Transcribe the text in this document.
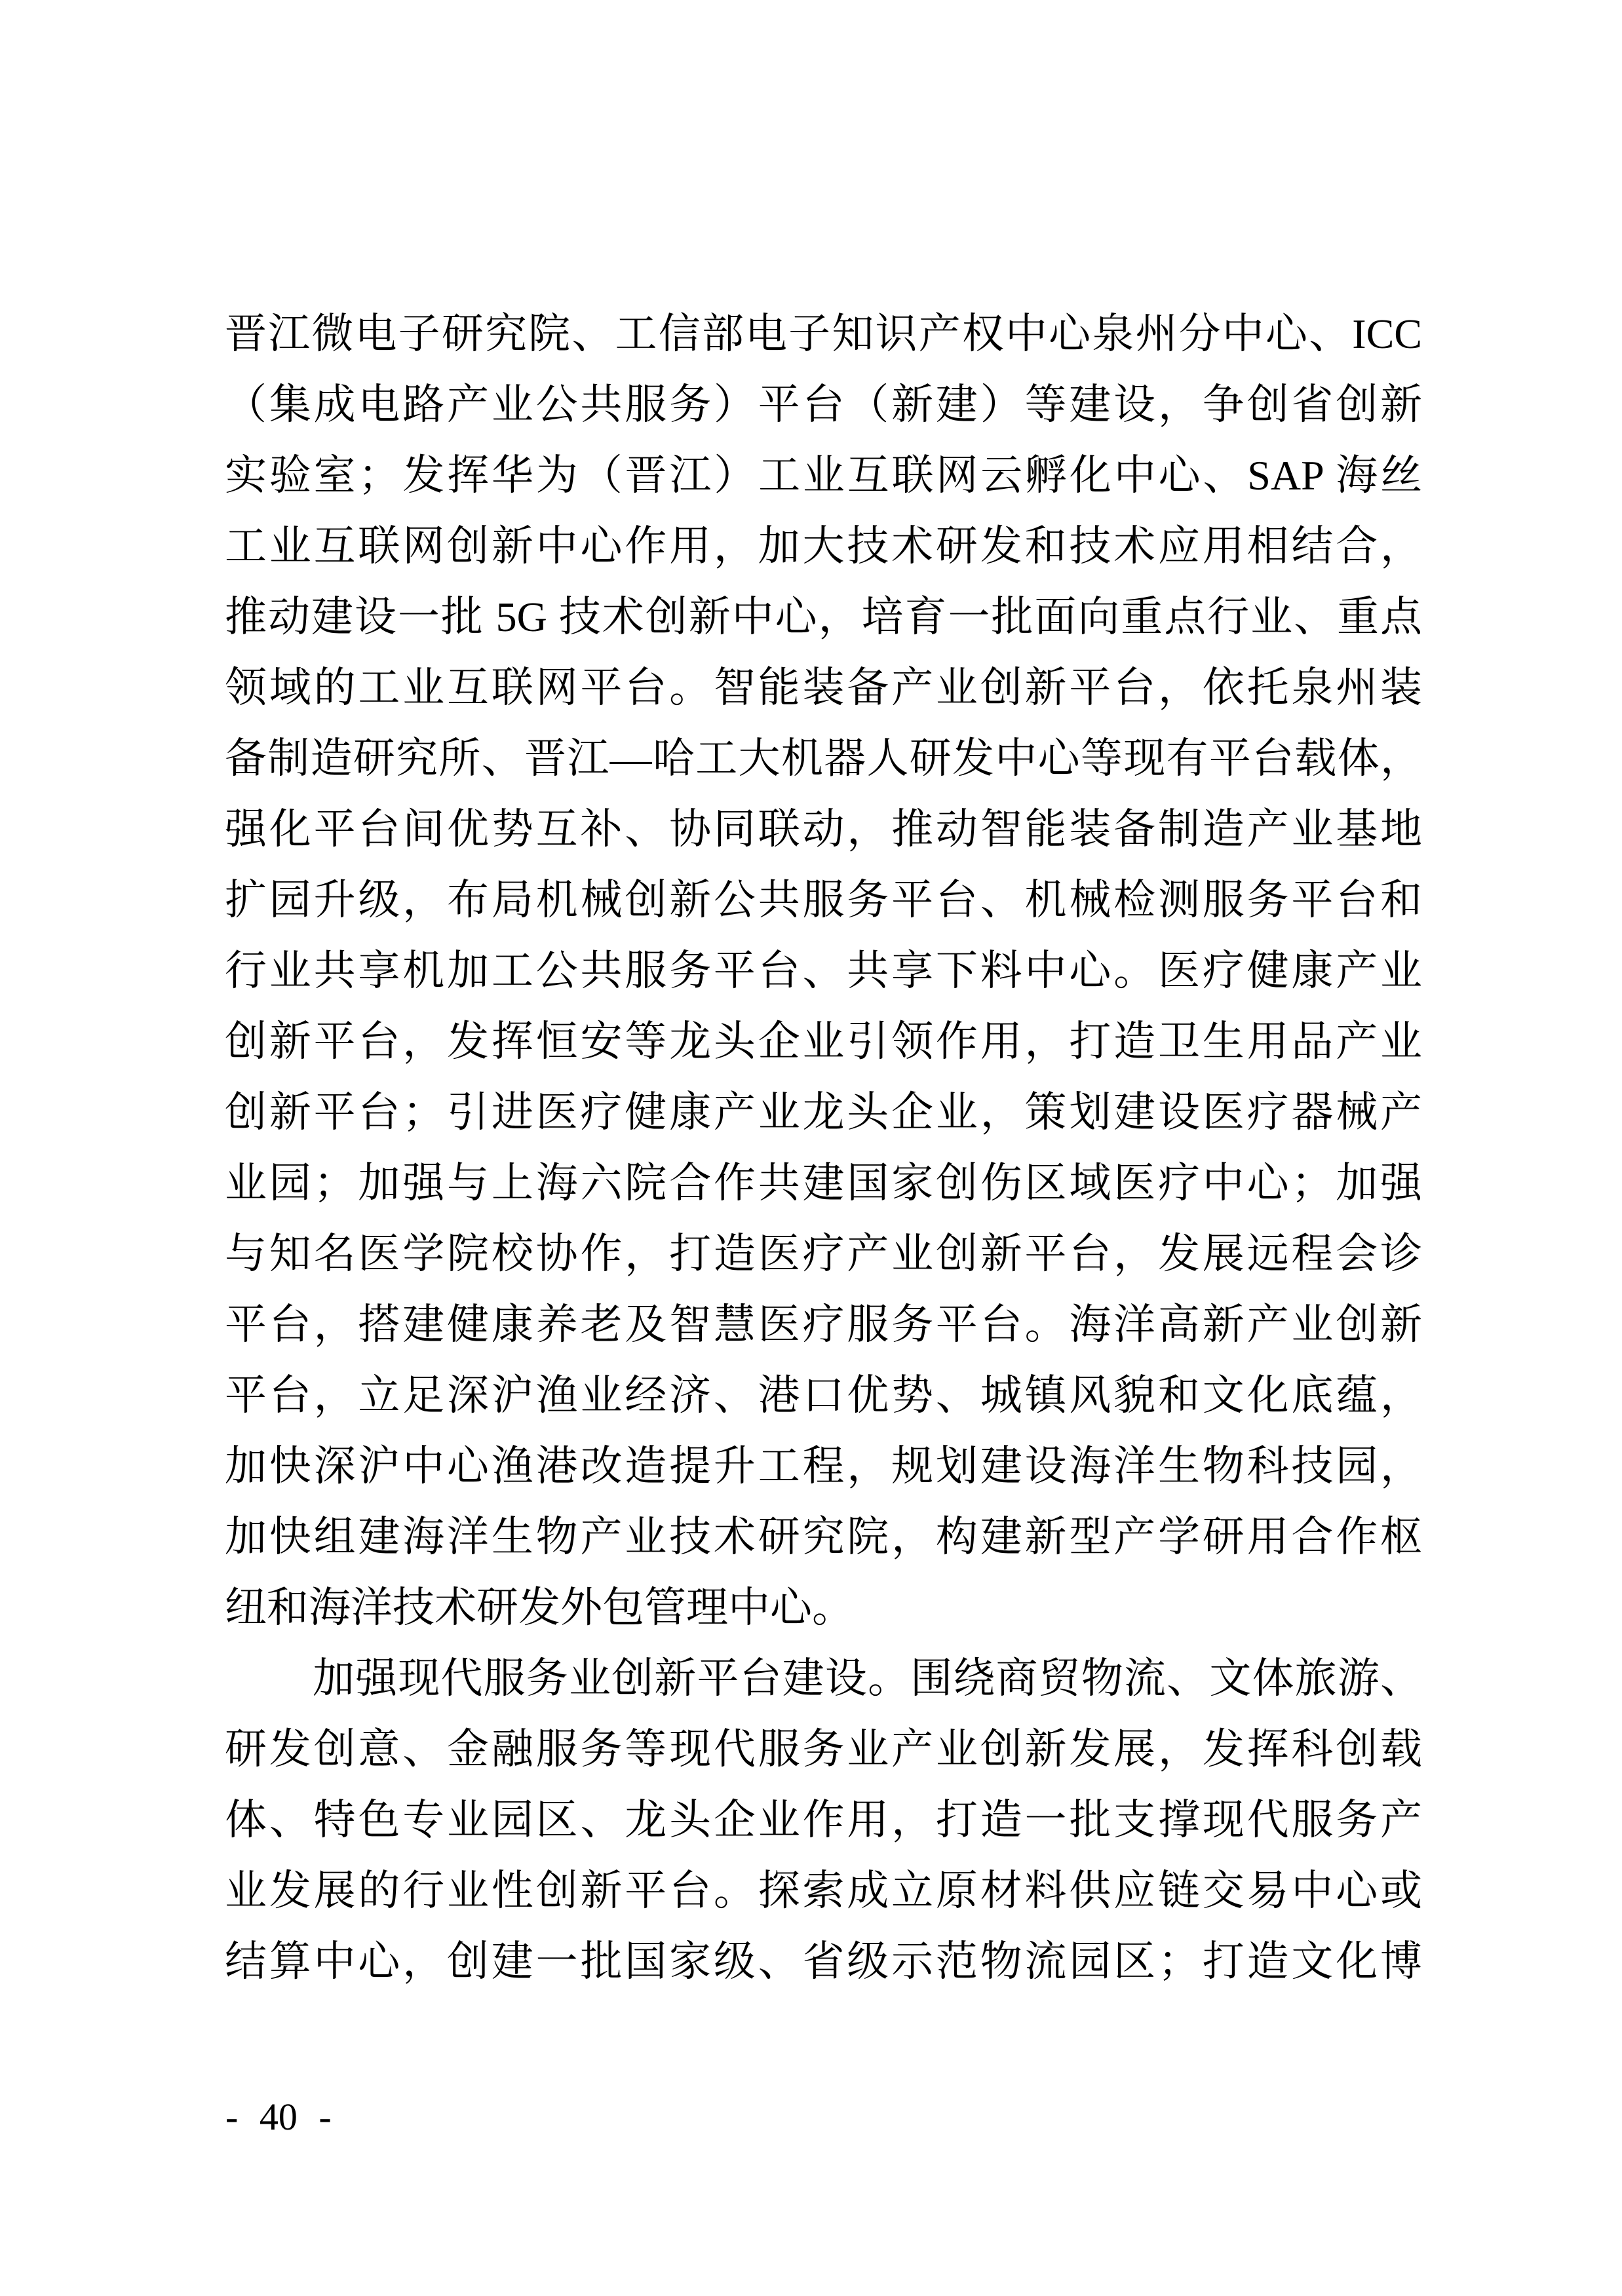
晋江微电子研究院、工信部电子知识产权中心泉州分中心、ICC
（集成电路产业公共服务）平台（新建）等建设，争创省创新
实验室；发挥华为（晋江）工业互联网云孵化中心、SAP 海丝
工业互联网创新中心作用，加大技术研发和技术应用相结合，
推动建设一批 5G 技术创新中心，培育一批面向重点行业、重点
领域的工业互联网平台。智能装备产业创新平台，依托泉州装
备制造研究所、晋江—哈工大机器人研发中心等现有平台载体，
强化平台间优势互补、协同联动，推动智能装备制造产业基地
扩园升级，布局机械创新公共服务平台、机械检测服务平台和
行业共享机加工公共服务平台、共享下料中心。医疗健康产业
创新平台，发挥恒安等龙头企业引领作用，打造卫生用品产业
创新平台；引进医疗健康产业龙头企业，策划建设医疗器械产
业园；加强与上海六院合作共建国家创伤区域医疗中心；加强
与知名医学院校协作，打造医疗产业创新平台，发展远程会诊
平台，搭建健康养老及智慧医疗服务平台。海洋高新产业创新
平台，立足深沪渔业经济、港口优势、城镇风貌和文化底蕴，
加快深沪中心渔港改造提升工程，规划建设海洋生物科技园，
加快组建海洋生物产业技术研究院，构建新型产学研用合作枢
纽和海洋技术研发外包管理中心。
加强现代服务业创新平台建设。围绕商贸物流、文体旅游、
研发创意、金融服务等现代服务业产业创新发展，发挥科创载
体、特色专业园区、龙头企业作用，打造一批支撑现代服务产
业发展的行业性创新平台。探索成立原材料供应链交易中心或
结算中心，创建一批国家级、省级示范物流园区；打造文化博
- 40 -
